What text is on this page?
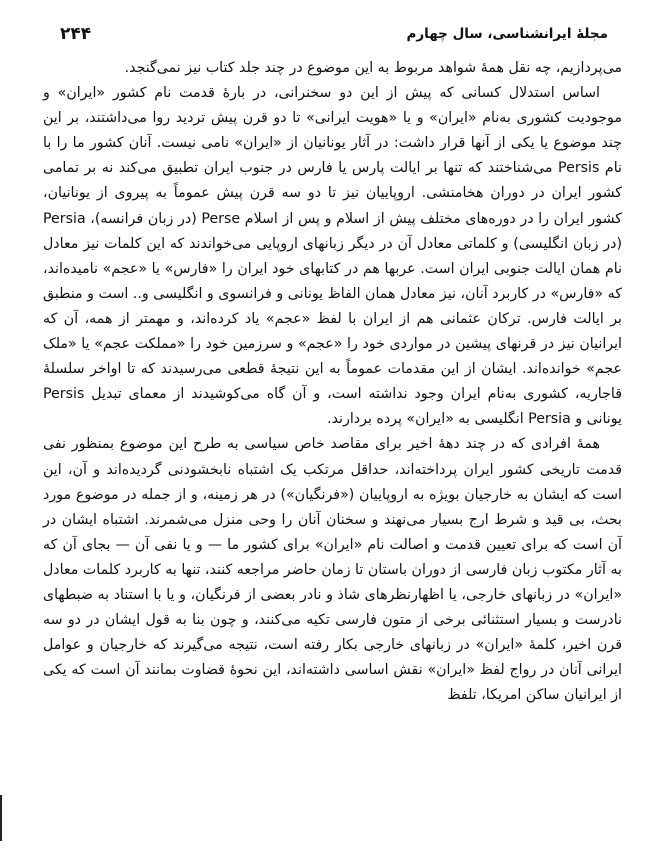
مجلهٔ ایرانشناسی، سال چهارم
۲۴۴

می‌پردازیم، چه نقل همهٔ شواهد مربوط به این موضوع در چند جلد کتاب نیز نمی‌گنجد.

اساس استدلال کسانی که پیش از این دو سخنرانی، در بارهٔ قدمت نام کشور «ایران» و موجودیت کشوری به‌نام «ایران» و یا «هویت ایرانی» تا دو قرن پیش تردید روا می‌داشتند، بر این چند موضوع یا یکی از آنها قرار داشت: در آثار یونانیان از «ایران» نامی نیست. آنان کشور ما را با نام Persis می‌شناختند که تنها بر ایالت پارس یا فارس در جنوب ایران تطبیق می‌کند نه بر تمامی کشور ایران در دوران هخامنشی. اروپاییان نیز تا دو سه قرن پیش عموماً به پیروی از یونانیان، کشور ایران را در دوره‌های مختلف پیش از اسلام و پس از اسلام Perse (در زبان فرانسه)، Persia (در زبان انگلیسی) و کلماتی معادل آن در دیگر زبانهای اروپایی می‌خواندند که این کلمات نیز معادل نام همان ایالت جنوبی ایران است. عربها هم در کتابهای خود ایران را «فارس» یا «عجم» نامیده‌اند، که «فارس» در کاربرد آنان، نیز معادل همان الفاظ یونانی و فرانسوی و انگلیسی و.. است و منطبق بر ایالت فارس. ترکان عثمانی هم از ایران با لفظ «عجم» یاد کرده‌اند، و مهمتر از همه، آن که ایرانیان نیز در قرنهای پیشین در مواردی خود را «عجم» و سرزمین خود را «مملکت عجم» یا «ملک عجم» خوانده‌اند. ایشان از این مقدمات عموماً به این نتیجهٔ قطعی می‌رسیدند که تا اواخر سلسلهٔ قاجاریه، کشوری به‌نام ایران وجود نداشته است، و آن گاه می‌کوشیدند از معمای تبدیل Persis یونانی و Persia انگلیسی به «ایران» پرده بردارند.

همهٔ افرادی که در چند دههٔ اخیر برای مقاصد خاص سیاسی به طرح این موضوع بمنظور نفی قدمت تاریخی کشور ایران پرداخته‌اند، حداقل مرتکب یک اشتباه نابخشودنی گردیده‌اند و آن، این است که ایشان به خارجیان بویژه به اروپاییان («فرنگیان») در هر زمینه، و از جمله در موضوع مورد بحث، بی قید و شرط ارج بسیار می‌نهند و سخنان آنان را وحی منزل می‌شمرند. اشتباه ایشان در آن است که برای تعیین قدمت و اصالت نام «ایران» برای کشور ما — و یا نفی آن — بجای آن که به آثار مکتوب زبان فارسی از دوران باستان تا زمان حاضر مراجعه کنند، تنها به کاربرد کلمات معادل «ایران» در زبانهای خارجی، یا اظهارنظرهای شاذ و نادر بعضی از فرنگیان، و یا با استناد به ضبطهای نادرست و بسیار استثنائی برخی از متون فارسی تکیه می‌کنند، و چون بنا به قول ایشان در دو سه قرن اخیر، کلمهٔ «ایران» در زبانهای خارجی بکار رفته است، نتیجه می‌گیرند که خارجیان و عوامل ایرانی آنان در رواج لفظ «ایران» نقش اساسی داشته‌اند، این نحوهٔ قضاوت بمانند آن است که یکی از ایرانیان ساکن امریکا، تلفظ
